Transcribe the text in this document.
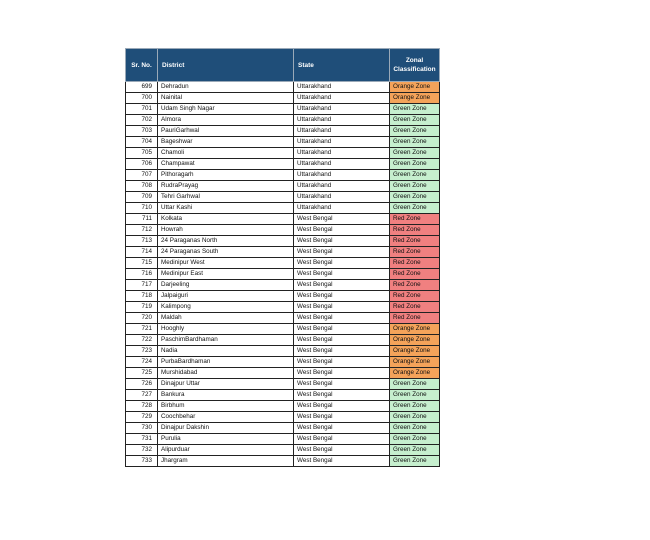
Sr. No.	District	State	Zonal Classification
699	Dehradun	Uttarakhand	Orange Zone
700	Nainital	Uttarakhand	Orange Zone
701	Udam Singh Nagar	Uttarakhand	Green Zone
702	Almora	Uttarakhand	Green Zone
703	PauriGarhwal	Uttarakhand	Green Zone
704	Bageshwar	Uttarakhand	Green Zone
705	Chamoli	Uttarakhand	Green Zone
706	Champawat	Uttarakhand	Green Zone
707	Pithoragarh	Uttarakhand	Green Zone
708	RudraPrayag	Uttarakhand	Green Zone
709	Tehri Garhwal	Uttarakhand	Green Zone
710	Uttar Kashi	Uttarakhand	Green Zone
711	Kolkata	West Bengal	Red Zone
712	Howrah	West Bengal	Red Zone
713	24 Paraganas North	West Bengal	Red Zone
714	24 Paraganas South	West Bengal	Red Zone
715	Medinipur West	West Bengal	Red Zone
716	Medinipur East	West Bengal	Red Zone
717	Darjeeling	West Bengal	Red Zone
718	Jalpaiguri	West Bengal	Red Zone
719	Kalimpong	West Bengal	Red Zone
720	Maldah	West Bengal	Red Zone
721	Hooghly	West Bengal	Orange Zone
722	PaschimBardhaman	West Bengal	Orange Zone
723	Nadia	West Bengal	Orange Zone
724	PurbaBardhaman	West Bengal	Orange Zone
725	Murshidabad	West Bengal	Orange Zone
726	Dinajpur Uttar	West Bengal	Green Zone
727	Bankura	West Bengal	Green Zone
728	Birbhum	West Bengal	Green Zone
729	Coochbehar	West Bengal	Green Zone
730	Dinajpur Dakshin	West Bengal	Green Zone
731	Purulia	West Bengal	Green Zone
732	Alipurduar	West Bengal	Green Zone
733	Jhargram	West Bengal	Green Zone
